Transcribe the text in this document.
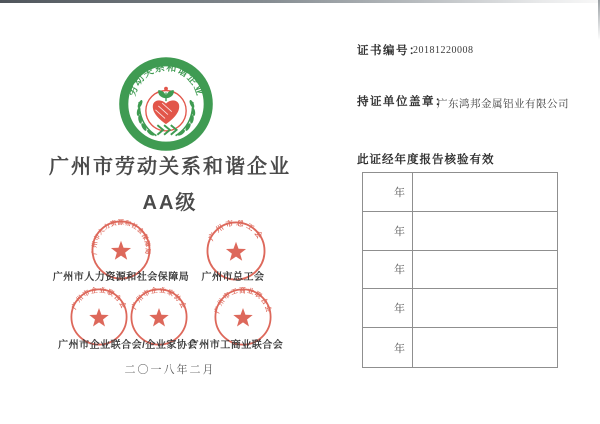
劳动关系和谐企业
广州市劳动关系和谐企业
AA级
广州市人力资源和社会保障局
广州市总工会
广州市企业联合会 广州市企业家协会 广州市工商业联合会
广州市人力资源和社会保障局	广州市总工会
广州市企业联合会/企业家协会
广州市工商业联合会
二〇一八年二月
证书编号：
20181220008
持证单位盖章：
广东鸿邦金属铝业有限公司
此证经年度报告核验有效
年
年
年
年
年
